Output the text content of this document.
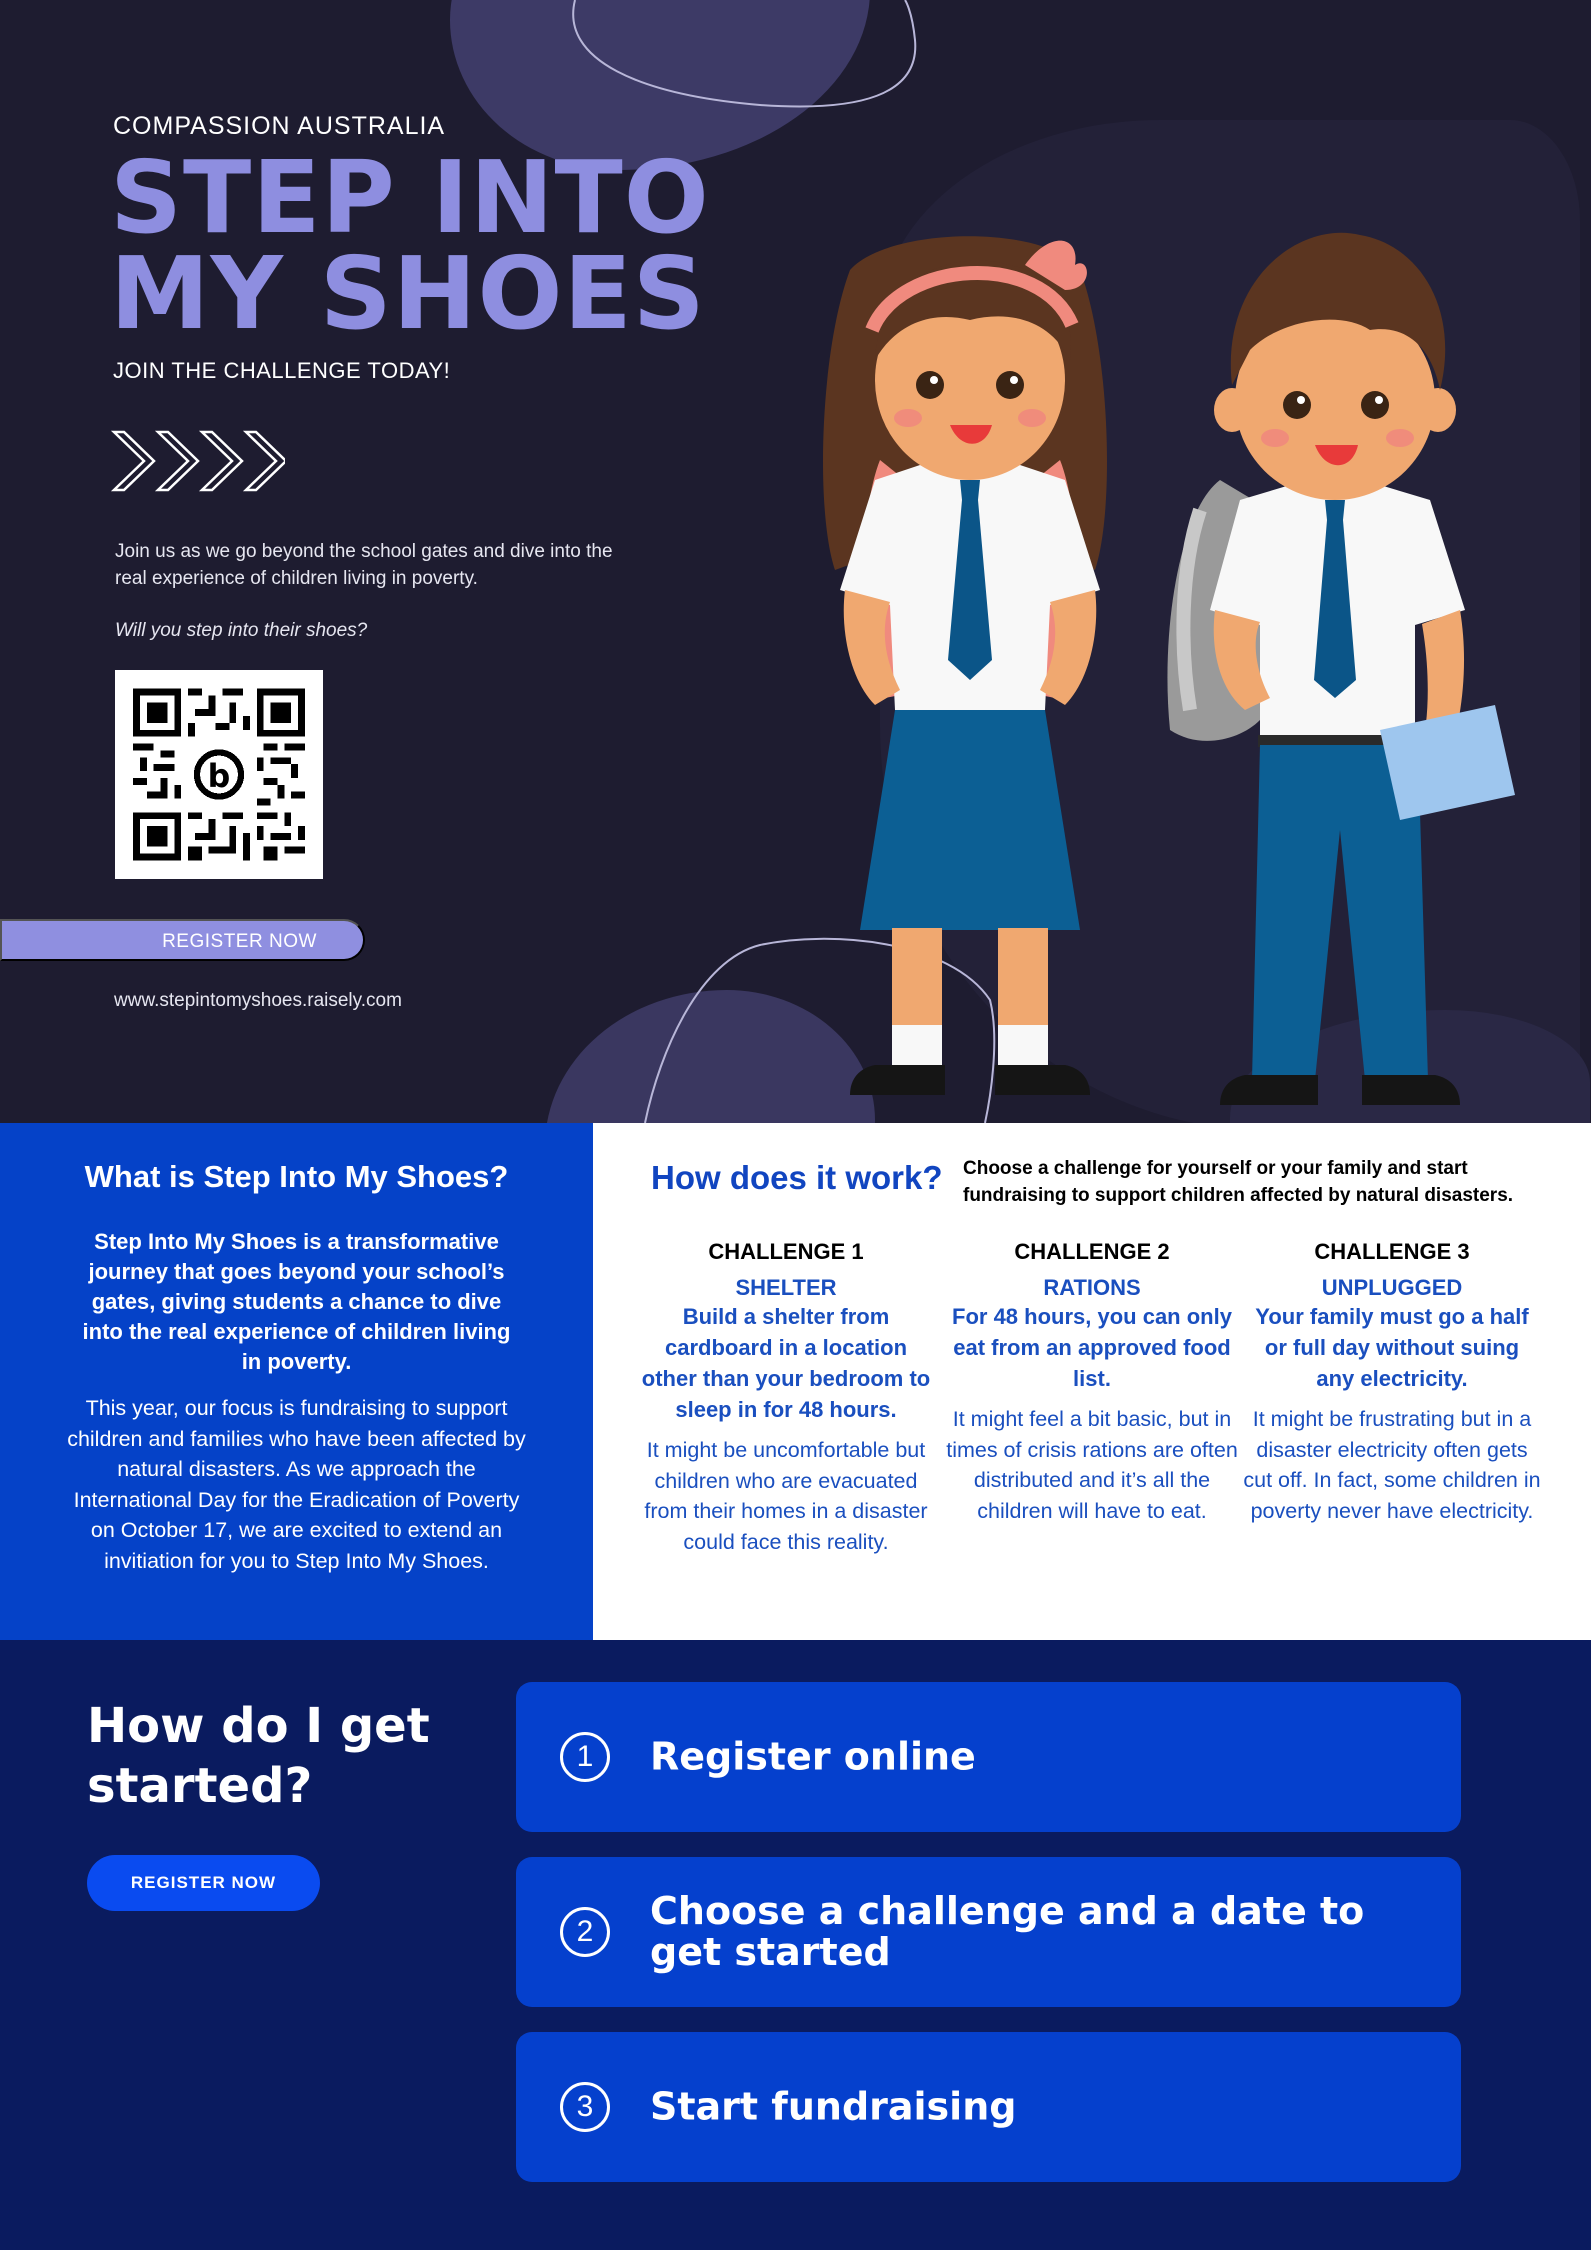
COMPASSION AUSTRALIA
STEP INTO
MY SHOES
JOIN THE CHALLENGE TODAY!

Join us as we go beyond the school gates and dive into the real experience of children living in poverty.

Will you step into their shoes?

b
REGISTER NOW
www.stepintomyshoes.raisely.com
What is Step Into My Shoes?

Step Into My Shoes is a transformative journey that goes beyond your school’s gates, giving students a chance to dive into the real experience of children living in poverty.

This year, our focus is fundraising to support children and families who have been affected by natural disasters. As we approach the International Day for the Eradication of Poverty on October 17, we are excited to extend an invitiation for you to Step Into My Shoes.

How does it work? Choose a challenge for yourself or your family and start fundraising to support children affected by natural disasters.

CHALLENGE 1
SHELTER
Build a shelter from cardboard in a location other than your bedroom to sleep in for 48 hours.
It might be uncomfortable but children who are evacuated from their homes in a disaster could face this reality.
CHALLENGE 2
RATIONS
For 48 hours, you can only eat from an approved food list.
It might feel a bit basic, but in times of crisis rations are often distributed and it’s all the children will have to eat.
CHALLENGE 3
UNPLUGGED
Your family must go a half or full day without suing any electricity.
It might be frustrating but in a disaster electricity often gets cut off. In fact, some children in poverty never have electricity.
How do I get started?
REGISTER NOW
1	Register online
2	Choose a challenge and a date to get started
3	Start fundraising
